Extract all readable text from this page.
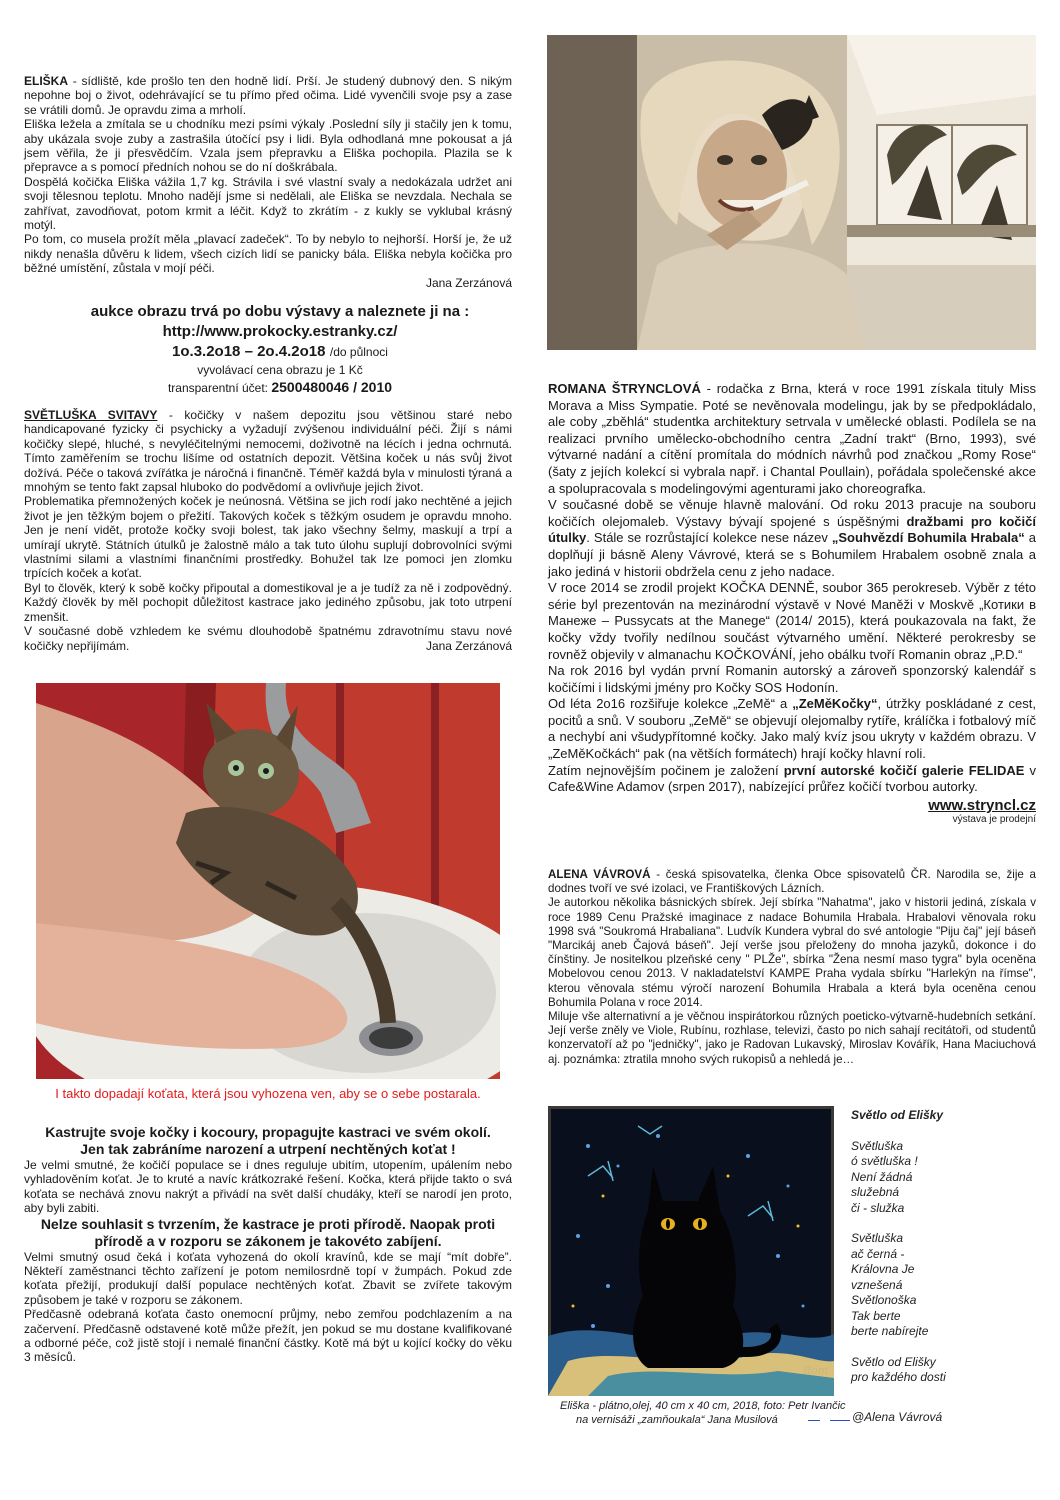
ELIŠKA - sídliště, kde prošlo ten den hodně lidí. Prší. Je studený dubnový den. S nikým nepohne boj o život, odehrávající se tu přímo před očima. Lidé vyvenčili svoje psy a zase se vrátili domů. Je opravdu zima a mrholí.

Eliška ležela a zmítala se u chodníku mezi psími výkaly .Poslední síly ji stačily jen k tomu, aby ukázala svoje zuby a zastrašila útočící psy i lidi. Byla odhodlaná mne pokousat a já jsem věřila, že ji přesvědčím. Vzala jsem přepravku a Eliška pochopila. Plazila se k přepravce a s pomocí předních nohou se do ní doškrábala.

Dospělá kočička Eliška vážila 1,7 kg. Strávila i své vlastní svaly a nedokázala udržet ani svoji tělesnou teplotu. Mnoho nadějí jsme si nedělali, ale Eliška se nevzdala. Nechala se zahřívat, zavodňovat, potom krmit a léčit. Když to zkrátím - z kukly se vyklubal krásný motýl.

Po tom, co musela prožít měla „plavací zadeček“. To by nebylo to nejhorší. Horší je, že už nikdy nenašla důvěru k lidem, všech cizích lidí se panicky bála. Eliška nebyla kočička pro běžné umístění, zůstala v mojí péči.

Jana Zerzánová

aukce obrazu trvá po dobu výstavy a naleznete ji na :
http://www.prokocky.estranky.cz/
1o.3.2o18 – 2o.4.2o18 /do půlnoci
vyvolávací cena obrazu je 1 Kč
transparentní účet: 2500480046 / 2010

SVĚTLUŠKA SVITAVY - kočičky v našem depozitu jsou většinou staré nebo handicapované fyzicky či psychicky a vyžadují zvýšenou individuální péči. Žijí s námi kočičky slepé, hluché, s nevyléčitelnými nemocemi, doživotně na lécích i jedna ochrnutá. Tímto zaměřením se trochu lišíme od ostatních depozit. Většina koček u nás svůj život dožívá. Péče o taková zvířátka je náročná i finančně. Téměř každá byla v minulosti týraná a mnohým se tento fakt zapsal hluboko do podvědomí a ovlivňuje jejich život.

Problematika přemnožených koček je neúnosná. Většina se jich rodí jako nechtěné a jejich život je jen těžkým bojem o přežití. Takových koček s těžkým osudem je opravdu mnoho. Jen je není vidět, protože kočky svoji bolest, tak jako všechny šelmy, maskují a trpí a umírají ukrytě. Státních útulků je žalostně málo a tak tuto úlohu suplují dobrovolníci svými vlastními silami a vlastními finančními prostředky. Bohužel tak lze pomoci jen zlomku trpících koček a koťat.

Byl to člověk, který k sobě kočky připoutal a domestikoval je a je tudíž za ně i zodpovědný. Každý člověk by měl pochopit důležitost kastrace jako jediného způsobu, jak toto utrpení zmenšit.

V současné době vzhledem ke svému dlouhodobě špatnému zdravotnímu stavu nové kočičky nepřijímám.	Jana Zerzánová

I takto dopadají koťata, která jsou vyhozena ven, aby se o sebe postarala.

Kastrujte svoje kočky i kocoury, propagujte kastraci ve svém okolí. Jen tak zabráníme narození a utrpení nechtěných koťat !

Je velmi smutné, že kočičí populace se i dnes reguluje ubitím, utopením, upálením nebo vyhladověním koťat. Je to kruté a navíc krátkozraké řešení. Kočka, která přijde takto o svá koťata se nechává znovu nakrýt a přivádí na svět další chudáky, kteří se narodí jen proto, aby byli zabiti.

Nelze souhlasit s tvrzením, že kastrace je proti přírodě. Naopak proti přírodě a v rozporu se zákonem je takovéto zabíjení.

Velmi smutný osud čeká i koťata vyhozená do okolí kravínů, kde se mají “mít dobře”. Někteří zaměstnanci těchto zařízení je potom nemilosrdně topí v žumpách. Pokud zde koťata přežijí, produkují další populace nechtěných koťat. Zbavit se zvířete takovým způsobem je také v rozporu se zákonem.

Předčasně odebraná koťata často onemocní průjmy, nebo zemřou podchlazením a na začervení. Předčasně odstavené kotě může přežít, jen pokud se mu dostane kvalifikované a odborné péče, což jistě stojí i nemalé finanční částky. Kotě má být u kojící kočky do věku 3 měsíců.

ROMANA ŠTRYNCLOVÁ - rodačka z Brna, která v roce 1991 získala tituly Miss Morava a Miss Sympatie. Poté se nevěnovala modelingu, jak by se předpokládalo, ale coby „zběhlá“ studentka architektury setrvala v umělecké oblasti. Podílela se na realizaci prvního umělecko-obchodního centra „Zadní trakt“ (Brno, 1993), své výtvarné nadání a cítění promítala do módních návrhů pod značkou „Romy Rose“ (šaty z jejích kolekcí si vybrala např. i Chantal Poullain), pořádala společenské akce a spolupracovala s modelingovými agenturami jako choreografka.

V současné době se věnuje hlavně malování. Od roku 2013 pracuje na souboru kočičích olejomaleb. Výstavy bývají spojené s úspěšnými dražbami pro kočičí útulky. Stále se rozrůstající kolekce nese název „Souhvězdí Bohumila Hrabala“ a doplňují ji básně Aleny Vávrové, která se s Bohumilem Hrabalem osobně znala a jako jediná v historii obdržela cenu z jeho nadace.

V roce 2014 se zrodil projekt KOČKA DENNĚ, soubor 365 perokreseb. Výběr z této série byl prezentován na mezinárodní výstavě v Nové Maněži v Moskvě „Котики в Манеже – Pussycats at the Manege“ (2014/ 2015), která poukazovala na fakt, že kočky vždy tvořily nedílnou součást výtvarného umění. Některé perokresby se rovněž objevily v almanachu KOČKOVÁNÍ, jeho obálku tvoří Romanin obraz „P.D.“

Na rok 2016 byl vydán první Romanin autorský a zároveň sponzorský kalendář s kočičími i lidskými jmény pro Kočky SOS Hodonín.

Od léta 2o16 rozšiřuje kolekce „ZeMě“ a „ZeMěKočky“, útržky poskládané z cest, pocitů a snů. V souboru „ZeMě“ se objevují olejomalby rytíře, králíčka i fotbalový míč a nechybí ani všudypřítomné kočky. Jako malý kvíz jsou ukryty v každém obrazu. V „ZeMěKočkách“ pak (na větších formátech) hrají kočky hlavní roli.

Zatím nejnovějším počinem je založení první autorské kočičí galerie FELIDAE v Cafe&Wine Adamov (srpen 2017), nabízející průřez kočičí tvorbou autorky.

www.stryncl.cz

výstava je prodejní

ALENA VÁVROVÁ - česká spisovatelka, členka Obce spisovatelů ČR. Narodila se, žije a dodnes tvoří ve své izolaci, ve Františkových Lázních.

Je autorkou několika básnických sbírek. Její sbírka "Nahatma", jako v historii jediná, získala v roce 1989 Cenu Pražské imaginace z nadace Bohumila Hrabala. Hrabalovi věnovala roku 1998 svá "Soukromá Hrabaliana". Ludvík Kundera vybral do své antologie "Piju čaj" její báseň "Marcikáj aneb Čajová báseň". Její verše jsou přeloženy do mnoha jazyků, dokonce i do čínštiny. Je nositelkou plzeňské ceny " PLŽe", sbírka "Žena nesmí maso tygra" byla oceněna Mobelovou cenou 2013. V nakladatelství KAMPE Praha vydala sbírku "Harlekýn na římse", kterou věnovala stému výročí narození Bohumila Hrabala a která byla oceněna cenou Bohumila Polana v roce 2014.

Miluje vše alternativní a je věčnou inspirátorkou různých poeticko-výtvarně-hudebních setkání. Její verše zněly ve Viole, Rubínu, rozhlase, televizi, často po nich sahají recitátoři, od studentů konzervatoří až po "jedničky", jako je Radovan Lukavský, Miroslav Kovářík, Hana Maciuchová aj. poznámka: ztratila mnoho svých rukopisů a nehledá je…

Rom
Světlo od Elišky
Světluška
ó světluška !
Není žádná
služebná
či - služka
Světluška
ač černá -
Královna Je
vznešená
Světlonoška
Tak berte
berte nabírejte
Světlo od Elišky
pro každého dosti
Eliška - plátno,olej, 40 cm x 40 cm, 2018, foto: Petr Ivančic
na vernisáži „zamňoukala“ Jana Musilová	@Alena Vávrová
